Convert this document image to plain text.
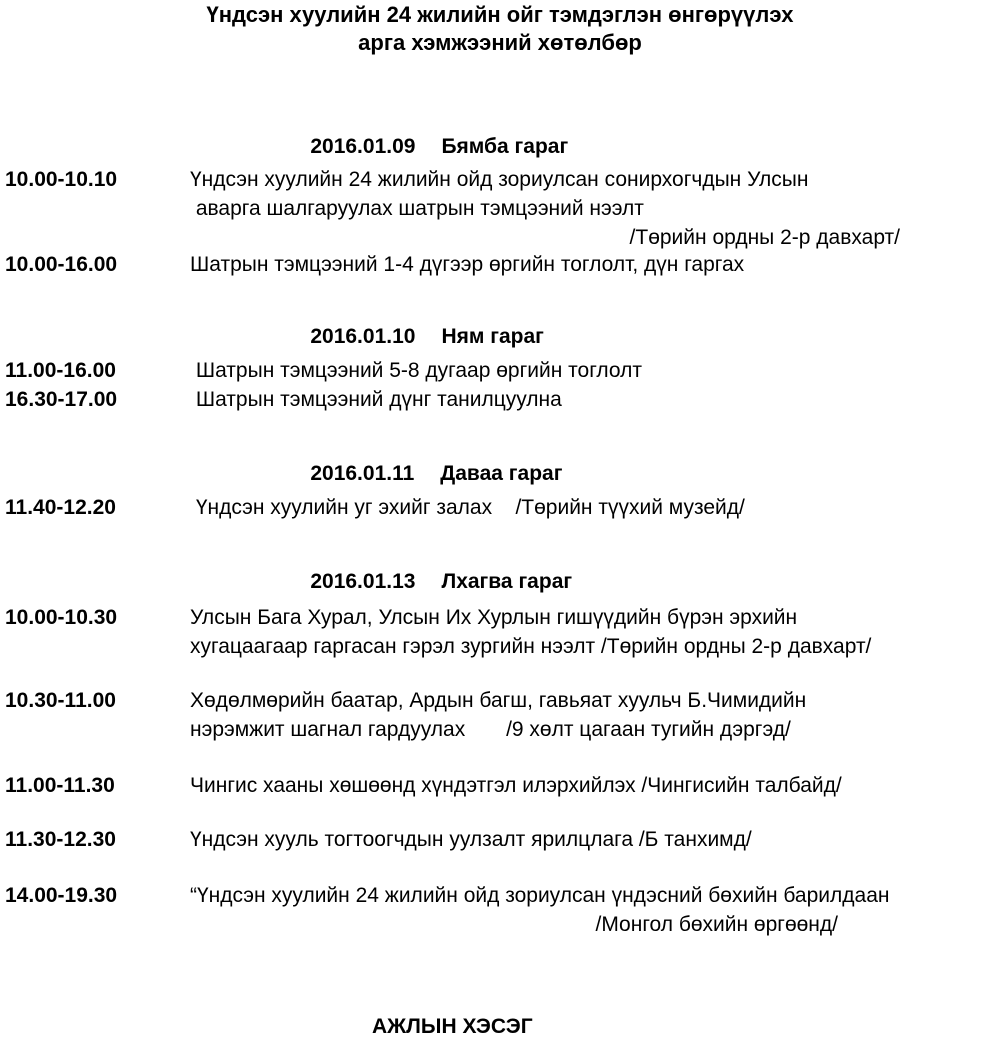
Үндсэн хуулийн 24 жилийн ойг тэмдэглэн өнгөрүүлэх
арга хэмжээний хөтөлбөр

2016.01.09 Бямба гараг

10.00-10.10	Үндсэн хуулийн 24 жилийн ойд зориулсан сонирхогчдын Улсын
аварга шалгаруулах шатрын тэмцээний нээлт
/Төрийн ордны 2-р давхарт/
10.00-16.00	Шатрын тэмцээний 1-4 дүгээр өргийн тоглолт, дүн гаргах

2016.01.10 Ням гараг

11.00-16.00	Шатрын тэмцээний 5-8 дугаар өргийн тоглолт
16.30-17.00	Шатрын тэмцээний дүнг танилцуулна

2016.01.11 Даваа гараг

11.40-12.20	Үндсэн хуулийн уг эхийг залах    /Төрийн түүхий музейд/

2016.01.13 Лхагва гараг

10.00-10.30	Улсын Бага Хурал, Улсын Их Хурлын гишүүдийн бүрэн эрхийн
хугацаагаар гаргасан гэрэл зургийн нээлт /Төрийн ордны 2-р давхарт/
10.30-11.00	Хөдөлмөрийн баатар, Ардын багш, гавьяат хуульч Б.Чимидийн
нэрэмжит шагнал гардуулах       /9 хөлт цагаан тугийн дэргэд/
11.00-11.30	Чингис хааны хөшөөнд хүндэтгэл илэрхийлэх /Чингисийн талбайд/
11.30-12.30	Үндсэн хууль тогтоогчдын уулзалт ярилцлага /Б танхимд/
14.00-19.30	“Үндсэн хуулийн 24 жилийн ойд зориулсан үндэсний бөхийн барилдаан
/Монгол бөхийн өргөөнд/
АЖЛЫН ХЭСЭГ
